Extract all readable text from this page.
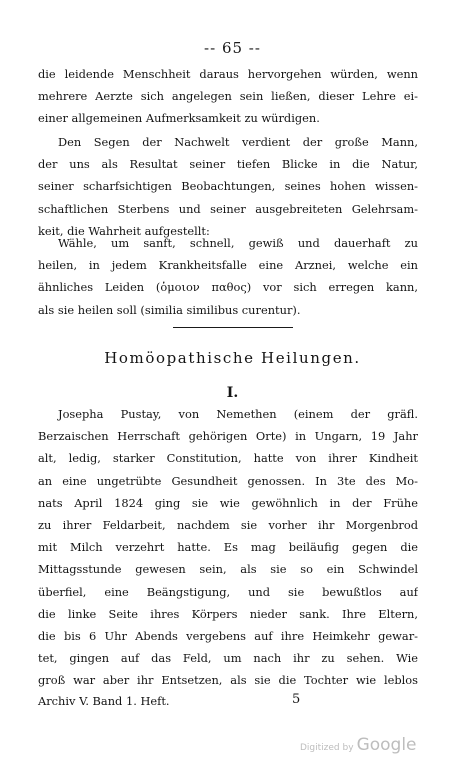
-- 65 --
die leidende Menschheit daraus hervorgehen würden, wenn
mehrere Aerzte sich angelegen sein ließen, dieser Lehre ei-
einer allgemeinen Aufmerksamkeit zu würdigen.
Den Segen der Nachwelt verdient der große Mann,
der uns als Resultat seiner tiefen Blicke in die Natur,
seiner scharfsichtigen Beobachtungen, seines hohen wissen-
schaftlichen Sterbens und seiner ausgebreiteten Gelehrsam-
keit, die Wahrheit aufgestellt:
Wähle, um sanft, schnell, gewiß und dauerhaft zu
heilen, in jedem Krankheitsfalle eine Arznei, welche ein
ähnliches Leiden (ὁμοιον παθος) vor sich erregen kann,
als sie heilen soll (similia similibus curentur).
Homöopathische Heilungen.
I.
Josepha Pustay, von Nemethen (einem der gräfl.
Berzaischen Herrschaft gehörigen Orte) in Ungarn, 19 Jahr
alt, ledig, starker Constitution, hatte von ihrer Kindheit
an eine ungetrübte Gesundheit genossen. In 3te des Mo-
nats April 1824 ging sie wie gewöhnlich in der Frühe
zu ihrer Feldarbeit, nachdem sie vorher ihr Morgenbrod
mit Milch verzehrt hatte. Es mag beiläufig gegen die
Mittagsstunde gewesen sein, als sie so ein Schwindel
überfiel, eine Beängstigung, und sie bewußtlos auf
die linke Seite ihres Körpers nieder sank. Ihre Eltern,
die bis 6 Uhr Abends vergebens auf ihre Heimkehr gewar-
tet, gingen auf das Feld, um nach ihr zu sehen. Wie
groß war aber ihr Entsetzen, als sie die Tochter wie leblos
Archiv V. Band 1. Heft.	5
Digitized by Google
